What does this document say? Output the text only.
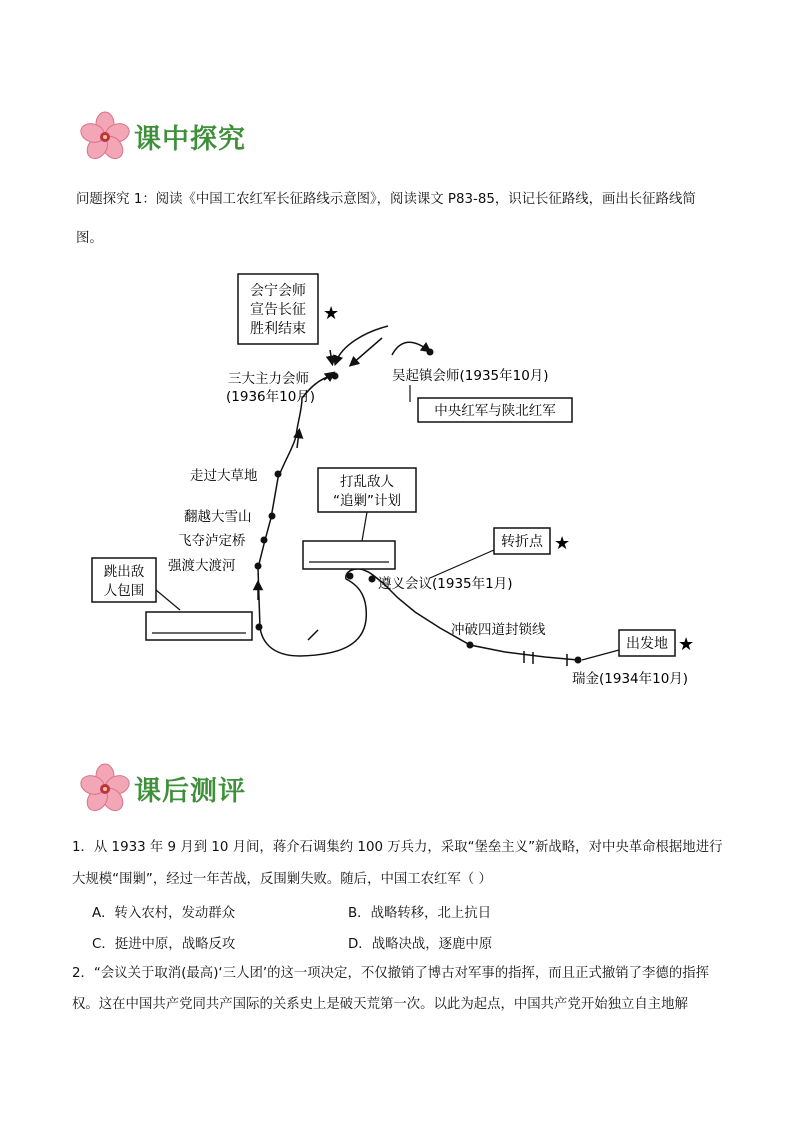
课中探究
问题探究 1：阅读《中国工农红军长征路线示意图》，阅读课文 P83-85，识记长征路线，画出长征路线简
图。
会宁会师
宣告长征
胜利结束
★
三大主力会师
(1936年10月)
吴起镇会师(1935年10月)
中央红军与陕北红军
走过大草地
翻越大雪山
飞夺泸定桥
强渡大渡河
跳出敌
人包围
打乱敌人
“追剿”计划
转折点 ★
遵义会议(1935年1月)
冲破四道封锁线
出发地 ★
瑞金(1934年10月)
课后测评
1．从 1933 年 9 月到 10 月间，蒋介石调集约 100 万兵力，采取“堡垒主义”新战略，对中央革命根据地进行
大规模“围剿”，经过一年苦战，反围剿失败。随后，中国工农红军（ ）
A．转入农村，发动群众	B．战略转移，北上抗日
C．挺进中原，战略反攻	D．战略决战，逐鹿中原
2．“会议关于取消(最高)‘三人团’的这一项决定，不仅撤销了博古对军事的指挥，而且正式撤销了李德的指挥
权。这在中国共产党同共产国际的关系史上是破天荒第一次。以此为起点，中国共产党开始独立自主地解
